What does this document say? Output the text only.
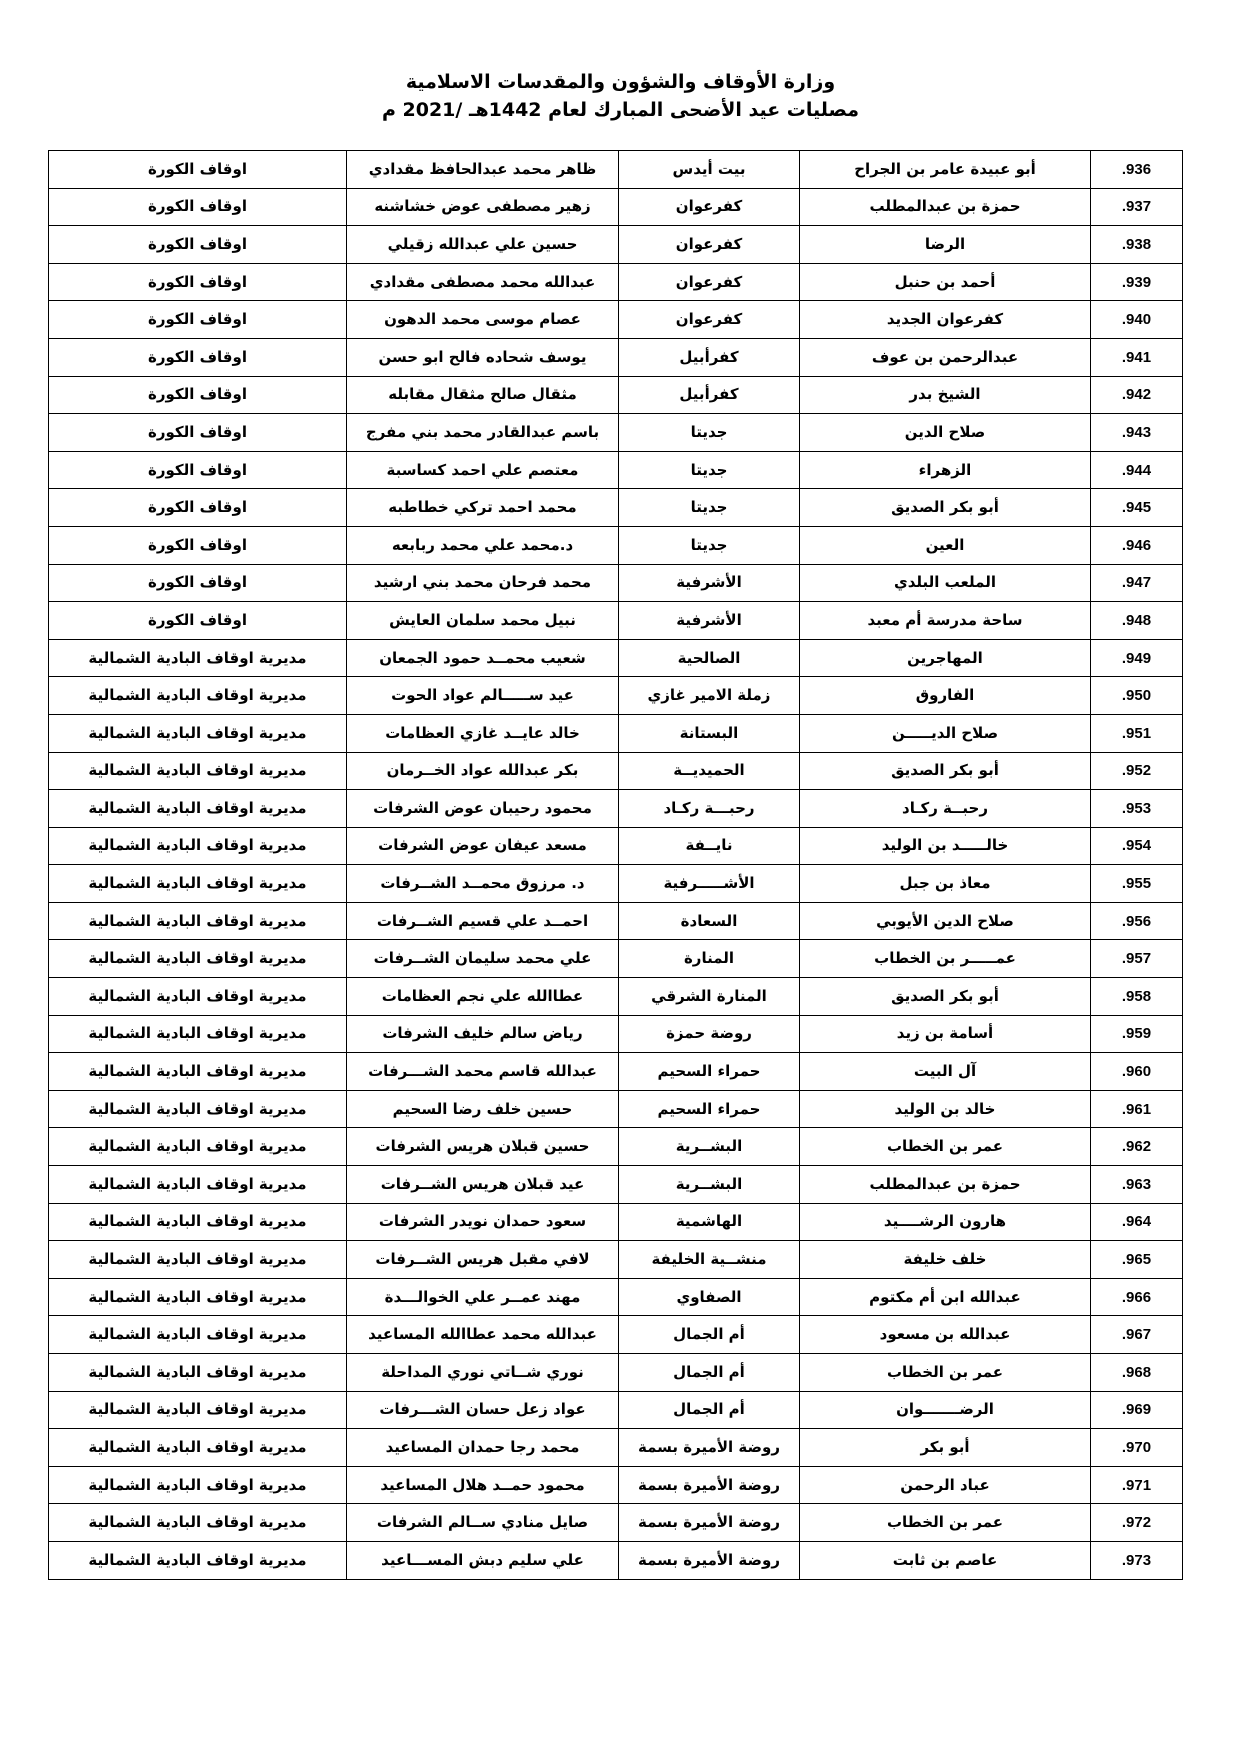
وزارة الأوقاف والشؤون والمقدسات الاسلامية
مصليات عيد الأضحى المبارك لعام 1442هـ /2021 م
.936	أبو عبيدة عامر بن الجراح	بيت أيدس	ظاهر محمد عبدالحافظ مقدادي	اوقاف الكورة
.937	حمزة بن عبدالمطلب	كفرعوان	زهير مصطفى عوض خشاشنه	اوقاف الكورة
.938	الرضا	كفرعوان	حسين علي عبدالله زقيلي	اوقاف الكورة
.939	أحمد بن حنبل	كفرعوان	عبدالله محمد مصطفى مقدادي	اوقاف الكورة
.940	كفرعوان الجديد	كفرعوان	عصام موسى محمد الدهون	اوقاف الكورة
.941	عبدالرحمن بن عوف	كفرأبيل	يوسف شحاده فالح ابو حسن	اوقاف الكورة
.942	الشيخ بدر	كفرأبيل	مثقال صالح مثقال مقابله	اوقاف الكورة
.943	صلاح الدين	جديتا	باسم عبدالقادر محمد بني مفرج	اوقاف الكورة
.944	الزهراء	جديتا	معتصم علي احمد كساسبة	اوقاف الكورة
.945	أبو بكر الصديق	جديتا	محمد احمد تركي خطاطبه	اوقاف الكورة
.946	العين	جديتا	د.محمد علي محمد ربابعه	اوقاف الكورة
.947	الملعب البلدي	الأشرفية	محمد فرحان محمد بني ارشيد	اوقاف الكورة
.948	ساحة مدرسة أم معبد	الأشرفية	نبيل محمد سلمان العايش	اوقاف الكورة
.949	المهاجرين	الصالحية	شعيب محمــد حمود الجمعان	مديرية اوقاف البادية الشمالية
.950	الفاروق	زملة الامير غازي	عيد ســـــالم عواد الحوت	مديرية اوقاف البادية الشمالية
.951	صلاح الديـــــن	البستانة	خالد عايــد غازي العظامات	مديرية اوقاف البادية الشمالية
.952	أبو بكر الصديق	الحميديــة	بكر عبدالله عواد الخــرمان	مديرية اوقاف البادية الشمالية
.953	رحبــة ركـاد	رحبـــة ركـاد	محمود رحيبان عوض الشرفات	مديرية اوقاف البادية الشمالية
.954	خالـــــد بن الوليد	نايــفة	مسعد عيفان عوض الشرفات	مديرية اوقاف البادية الشمالية
.955	معاذ بن جبل	الأشـــــرفية	د. مرزوق محمــد الشــرفات	مديرية اوقاف البادية الشمالية
.956	صلاح الدين الأيوبي	السعادة	احمــد علي قسيم الشــرفات	مديرية اوقاف البادية الشمالية
.957	عمـــــر بن الخطاب	المنارة	علي محمد سليمان الشــرفات	مديرية اوقاف البادية الشمالية
.958	أبو بكر الصديق	المنارة الشرقي	عطاالله علي نجم العظامات	مديرية اوقاف البادية الشمالية
.959	أسامة بن زيد	روضة حمزة	رياض سالم خليف الشرفات	مديرية اوقاف البادية الشمالية
.960	آل البيت	حمراء السحيم	عبدالله قاسم محمد الشـــرفات	مديرية اوقاف البادية الشمالية
.961	خالد بن الوليد	حمراء السحيم	حسين خلف رضا السحيم	مديرية اوقاف البادية الشمالية
.962	عمر بن الخطاب	البشــرية	حسين قبلان هريس الشرفات	مديرية اوقاف البادية الشمالية
.963	حمزة بن عبدالمطلب	البشــرية	عيد قبلان هريس الشــرفات	مديرية اوقاف البادية الشمالية
.964	هارون الرشــــيد	الهاشمية	سعود حمدان نويدر الشرفات	مديرية اوقاف البادية الشمالية
.965	خلف خليفة	منشــية الخليفة	لافي مقبل هريس الشــرفات	مديرية اوقاف البادية الشمالية
.966	عبدالله ابن أم مكتوم	الصفاوي	مهند عمــر علي الخوالـــدة	مديرية اوقاف البادية الشمالية
.967	عبدالله بن مسعود	أم الجمال	عبدالله محمد عطاالله المساعيد	مديرية اوقاف البادية الشمالية
.968	عمر بن الخطاب	أم الجمال	نوري شــاتي نوري المداحلة	مديرية اوقاف البادية الشمالية
.969	الرضـــــــوان	أم الجمال	عواد زعل حسان الشـــرفات	مديرية اوقاف البادية الشمالية
.970	أبو بكر	روضة الأميرة بسمة	محمد رجا حمدان المساعيد	مديرية اوقاف البادية الشمالية
.971	عباد الرحمن	روضة الأميرة بسمة	محمود حمــد هلال المساعيد	مديرية اوقاف البادية الشمالية
.972	عمر بن الخطاب	روضة الأميرة بسمة	صايل منادي ســالم الشرفات	مديرية اوقاف البادية الشمالية
.973	عاصم بن ثابت	روضة الأميرة بسمة	علي سليم دبش المســـاعيد	مديرية اوقاف البادية الشمالية
